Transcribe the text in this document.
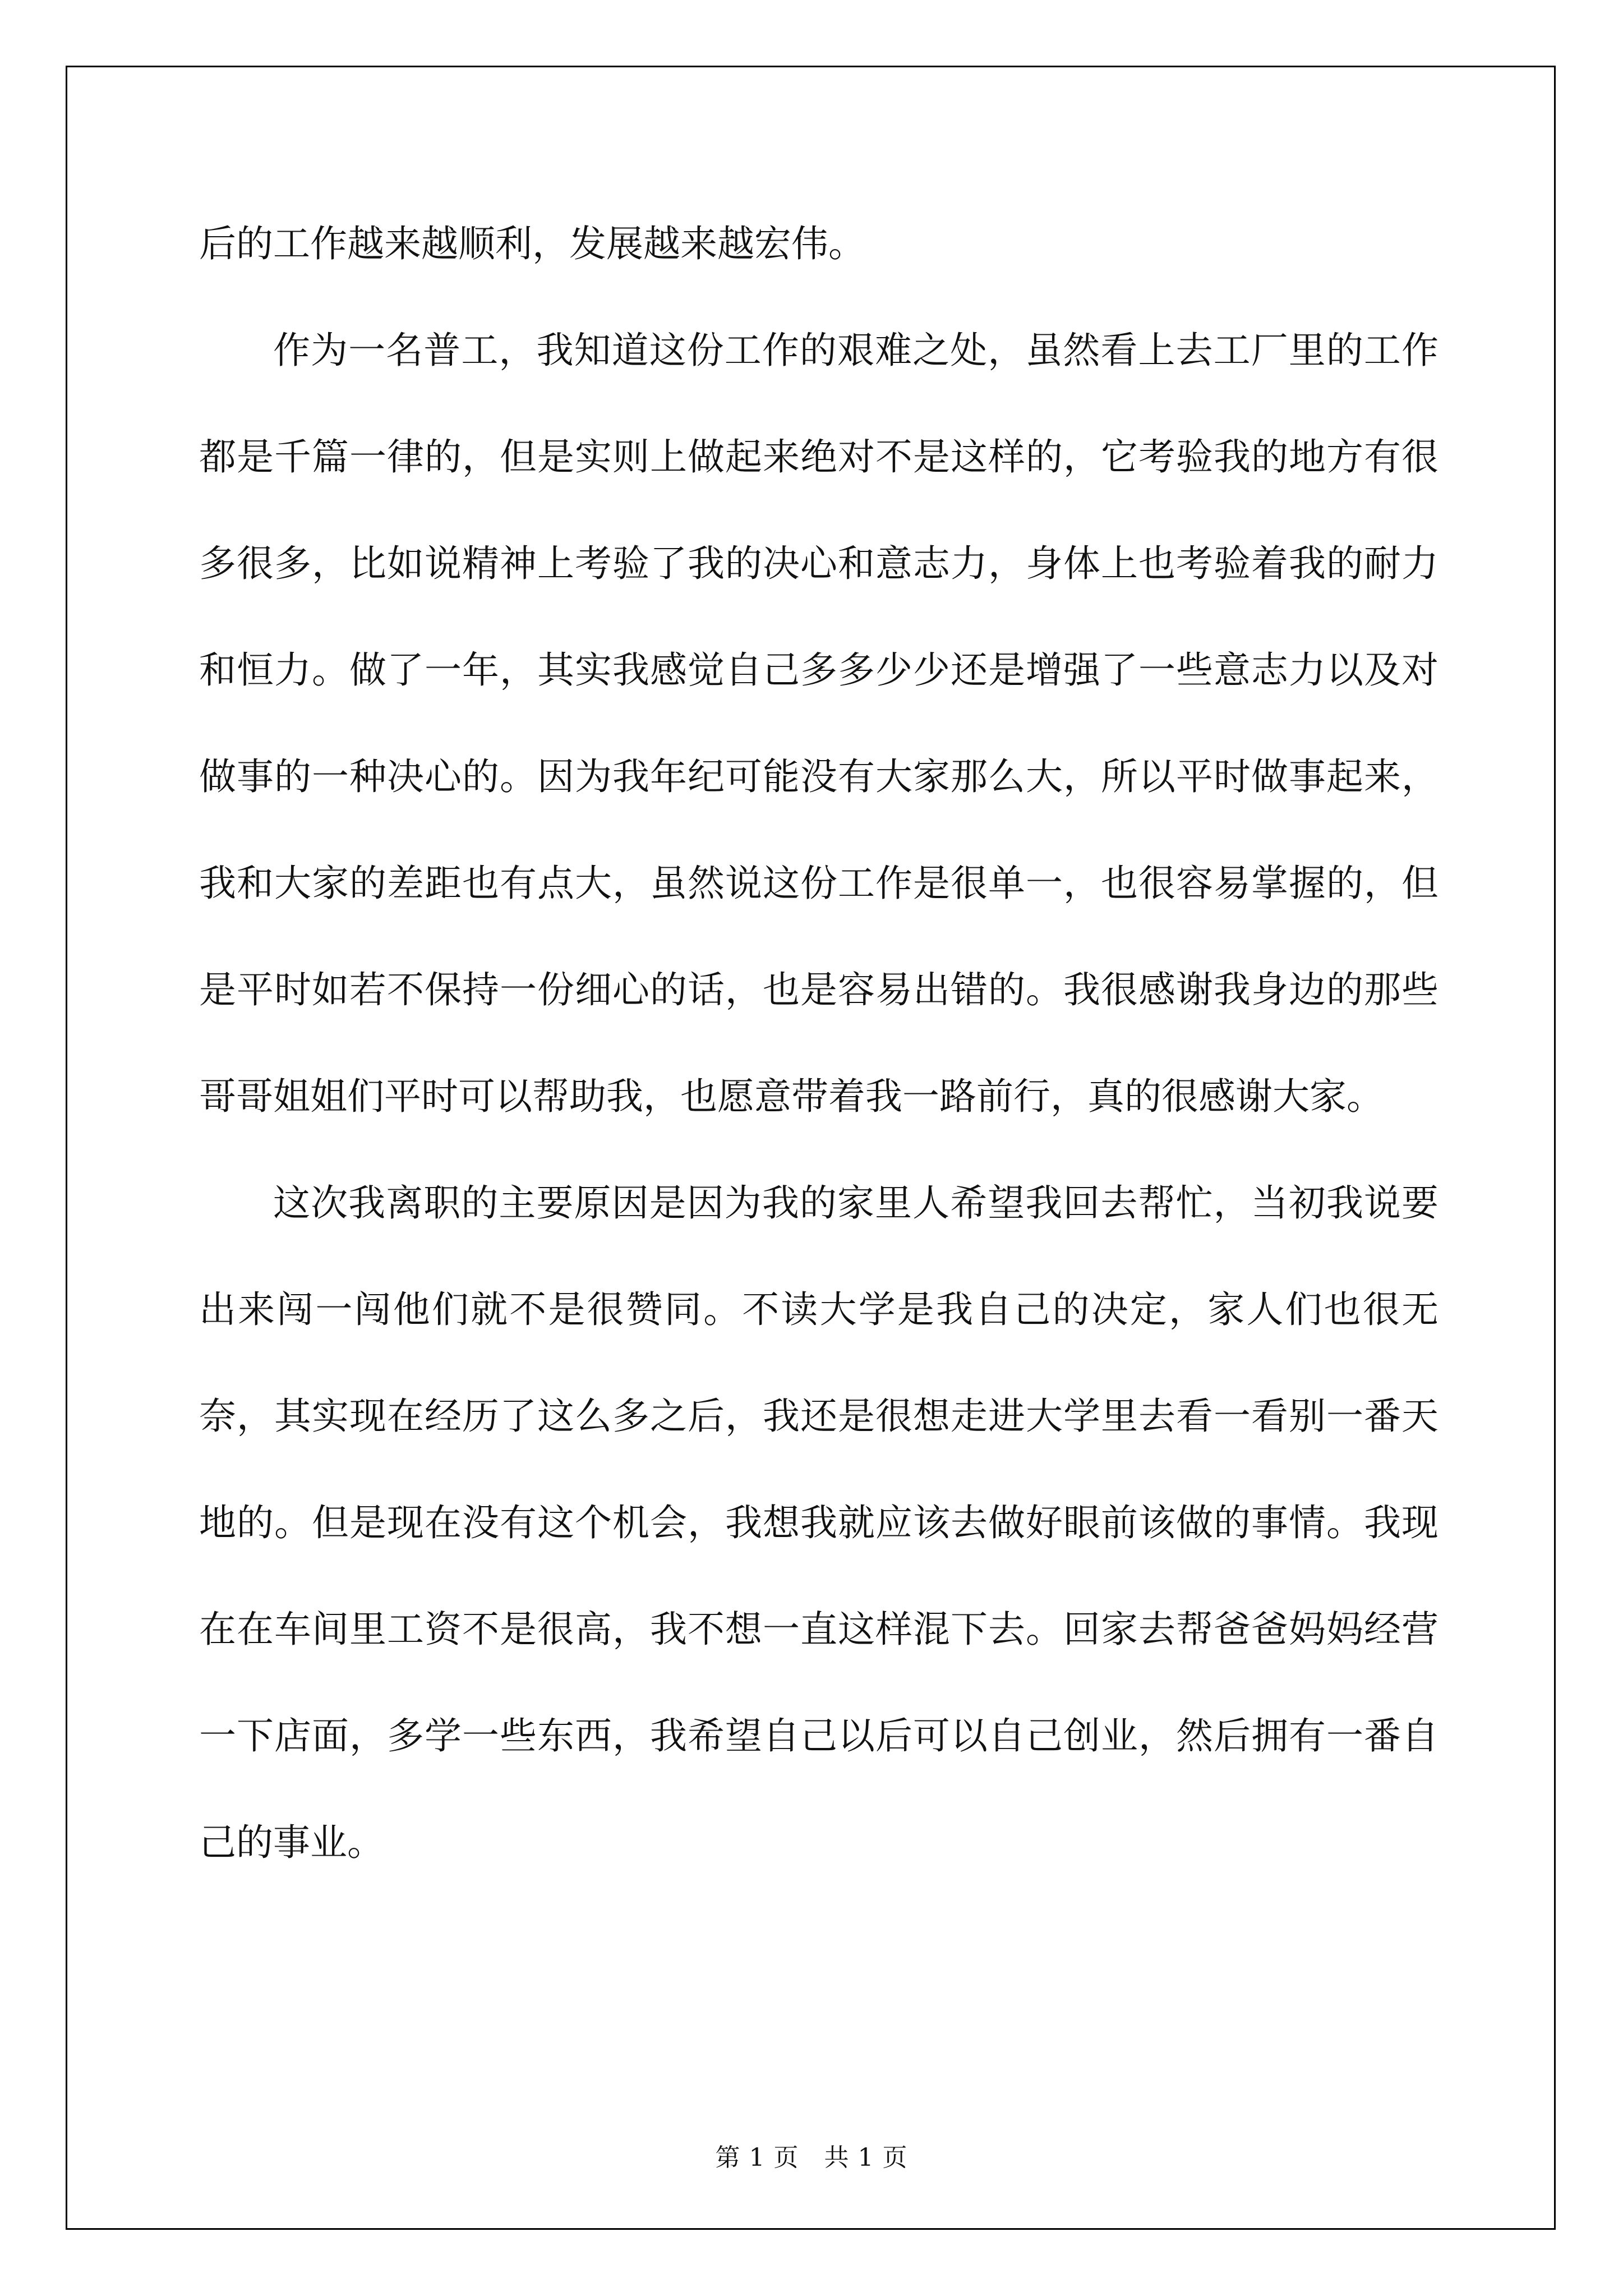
后的工作越来越顺利，发展越来越宏伟。

作为一名普工，我知道这份工作的艰难之处，虽然看上去工厂里的工作都是千篇一律的，但是实则上做起来绝对不是这样的，它考验我的地方有很多很多，比如说精神上考验了我的决心和意志力，身体上也考验着我的耐力和恒力。做了一年，其实我感觉自己多多少少还是增强了一些意志力以及对做事的一种决心的。因为我年纪可能没有大家那么大，所以平时做事起来，我和大家的差距也有点大，虽然说这份工作是很单一，也很容易掌握的，但是平时如若不保持一份细心的话，也是容易出错的。我很感谢我身边的那些哥哥姐姐们平时可以帮助我，也愿意带着我一路前行，真的很感谢大家。

这次我离职的主要原因是因为我的家里人希望我回去帮忙，当初我说要出来闯一闯他们就不是很赞同。不读大学是我自己的决定，家人们也很无奈，其实现在经历了这么多之后，我还是很想走进大学里去看一看别一番天地的。但是现在没有这个机会，我想我就应该去做好眼前该做的事情。我现在在车间里工资不是很高，我不想一直这样混下去。回家去帮爸爸妈妈经营一下店面，多学一些东西，我希望自己以后可以自己创业，然后拥有一番自己的事业。

第 1 页　共 1 页
